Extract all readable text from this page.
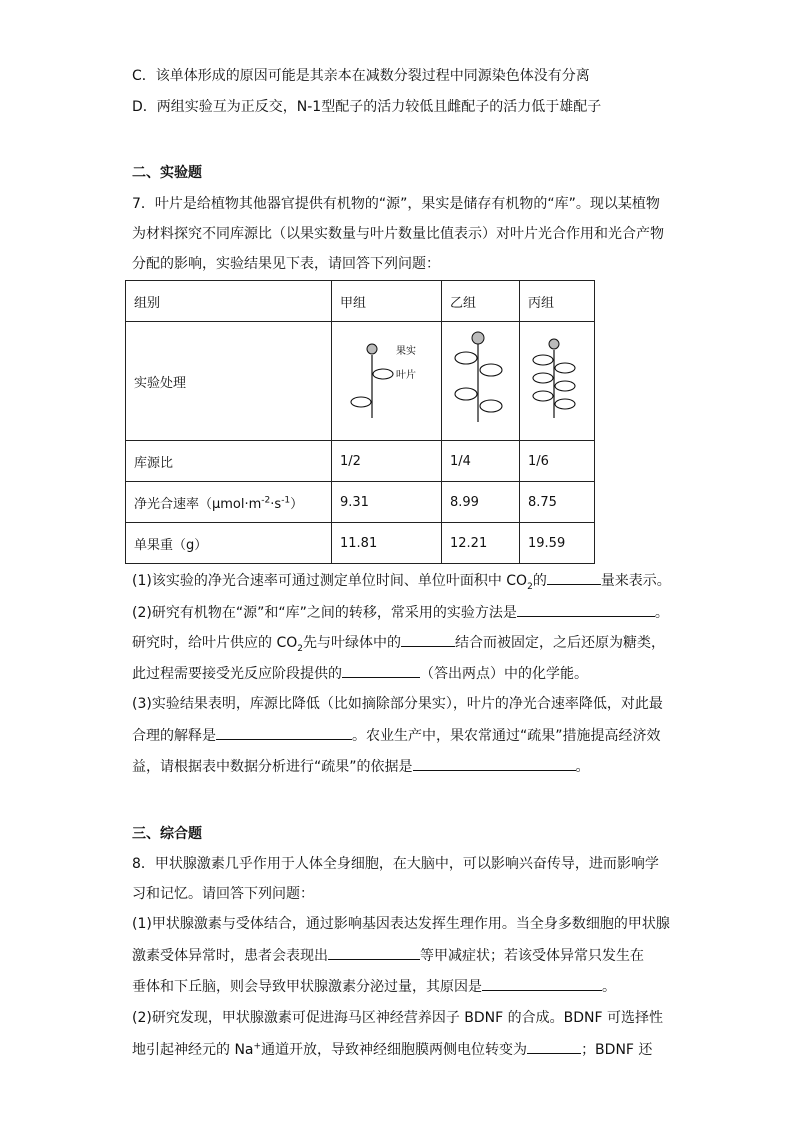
C．该单体形成的原因可能是其亲本在减数分裂过程中同源染色体没有分离
D．两组实验互为正反交，N-1型配子的活力较低且雌配子的活力低于雄配子
二、实验题
7．叶片是给植物其他器官提供有机物的“源”，果实是储存有机物的“库”。现以某植物
为材料探究不同库源比（以果实数量与叶片数量比值表示）对叶片光合作用和光合产物
分配的影响，实验结果见下表，请回答下列问题：
组别	甲组	乙组	丙组
实验处理	果实
叶片

库源比	1/2	1/4	1/6
净光合速率$(\mu mol\cdot m^{-2}\cdot s^{-1})$	9.31	8.99	8.75
单果重（g）	11.81	12.21	19.59
(1)该实验的净光合速率可通过测定单位时间、单位叶面积中 $CO_2$的	量来表示。
(2)研究有机物在“源”和“库”之间的转移，常采用的实验方法是	。
研究时，给叶片供应的 $CO_2$先与叶绿体中的	结合而被固定，之后还原为糖类，
此过程需要接受光反应阶段提供的	（答出两点）中的化学能。
(3)实验结果表明，库源比降低（比如摘除部分果实），叶片的净光合速率降低，对此最
合理的解释是	。农业生产中，果农常通过“疏果”措施提高经济效
益，请根据表中数据分析进行“疏果”的依据是	。
三、综合题
8．甲状腺激素几乎作用于人体全身细胞，在大脑中，可以影响兴奋传导，进而影响学
习和记忆。请回答下列问题：
(1)甲状腺激素与受体结合，通过影响基因表达发挥生理作用。当全身多数细胞的甲状腺
激素受体异常时，患者会表现出	等甲减症状；若该受体异常只发生在
垂体和下丘脑，则会导致甲状腺激素分泌过量，其原因是	。
(2)研究发现，甲状腺激素可促进海马区神经营养因子 BDNF 的合成。BDNF 可选择性
地引起神经元的 Na+通道开放，导致神经细胞膜两侧电位转变为	；BDNF 还
